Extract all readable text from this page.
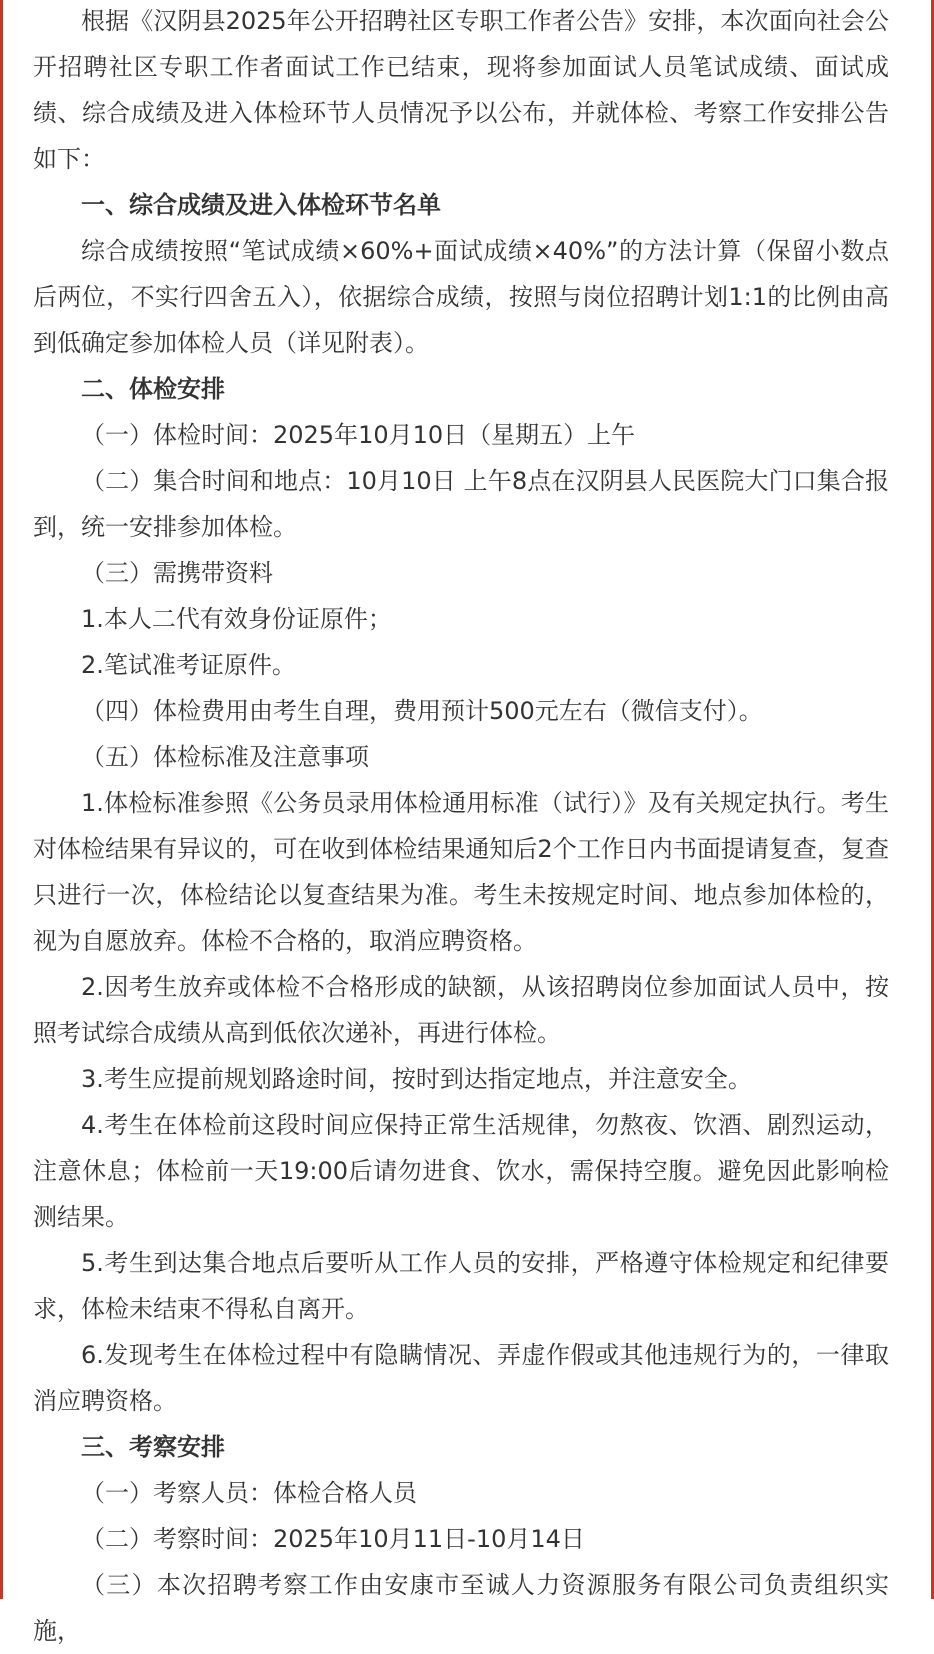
根据《汉阴县2025年公开招聘社区专职工作者公告》安排，本次面向社会公开招聘社区专职工作者面试工作已结束，现将参加面试人员笔试成绩、面试成绩、综合成绩及进入体检环节人员情况予以公布，并就体检、考察工作安排公告如下：

一、综合成绩及进入体检环节名单

综合成绩按照“笔试成绩×60%+面试成绩×40%”的方法计算（保留小数点后两位，不实行四舍五入），依据综合成绩，按照与岗位招聘计划1:1的比例由高到低确定参加体检人员（详见附表）。

二、体检安排

（一）体检时间：2025年10月10日（星期五）上午

（二）集合时间和地点：10月10日 上午8点在汉阴县人民医院大门口集合报到，统一安排参加体检。

（三）需携带资料

1.本人二代有效身份证原件；

2.笔试准考证原件。

（四）体检费用由考生自理，费用预计500元左右（微信支付）。

（五）体检标准及注意事项

1.体检标准参照《公务员录用体检通用标准（试行）》及有关规定执行。考生对体检结果有异议的，可在收到体检结果通知后2个工作日内书面提请复查，复查只进行一次，体检结论以复查结果为准。考生未按规定时间、地点参加体检的，视为自愿放弃。体检不合格的，取消应聘资格。

2.因考生放弃或体检不合格形成的缺额，从该招聘岗位参加面试人员中，按照考试综合成绩从高到低依次递补，再进行体检。

3.考生应提前规划路途时间，按时到达指定地点，并注意安全。

4.考生在体检前这段时间应保持正常生活规律，勿熬夜、饮酒、剧烈运动，注意休息；体检前一天19:00后请勿进食、饮水，需保持空腹。避免因此影响检测结果。

5.考生到达集合地点后要听从工作人员的安排，严格遵守体检规定和纪律要求，体检未结束不得私自离开。

6.发现考生在体检过程中有隐瞒情况、弄虚作假或其他违规行为的，一律取消应聘资格。

三、考察安排

（一）考察人员：体检合格人员

（二）考察时间：2025年10月11日-10月14日

（三）本次招聘考察工作由安康市至诚人力资源服务有限公司负责组织实施，
